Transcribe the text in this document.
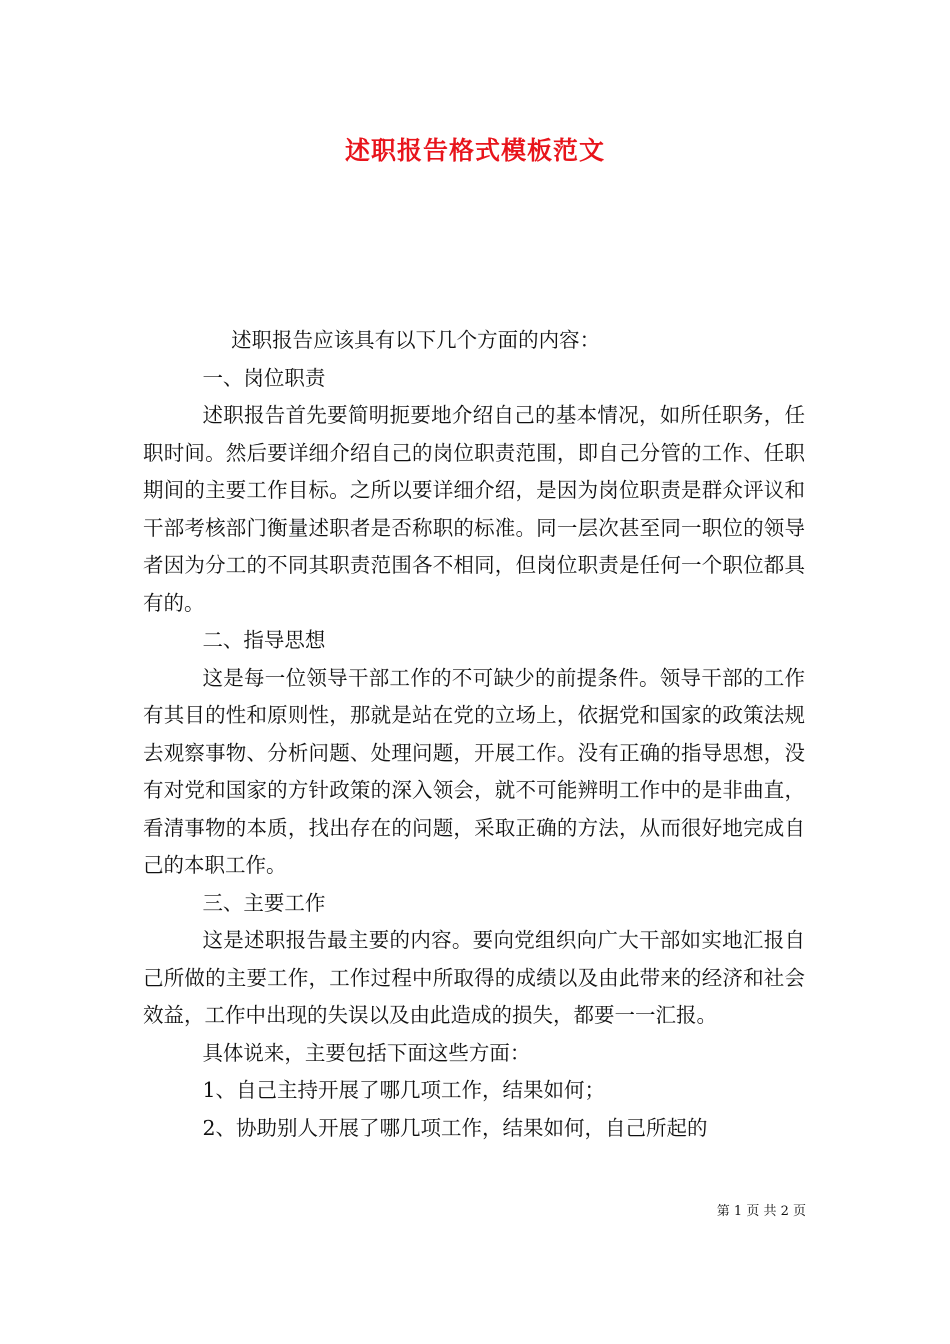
述职报告格式模板范文

述职报告应该具有以下几个方面的内容：

一、岗位职责

述职报告首先要简明扼要地介绍自己的基本情况，如所任职务，任职时间。然后要详细介绍自己的岗位职责范围，即自己分管的工作、任职期间的主要工作目标。之所以要详细介绍，是因为岗位职责是群众评议和干部考核部门衡量述职者是否称职的标准。同一层次甚至同一职位的领导者因为分工的不同其职责范围各不相同，但岗位职责是任何一个职位都具有的。

二、指导思想

这是每一位领导干部工作的不可缺少的前提条件。领导干部的工作有其目的性和原则性，那就是站在党的立场上，依据党和国家的政策法规去观察事物、分析问题、处理问题，开展工作。没有正确的指导思想，没有对党和国家的方针政策的深入领会，就不可能辨明工作中的是非曲直，看清事物的本质，找出存在的问题，采取正确的方法，从而很好地完成自己的本职工作。

三、主要工作

这是述职报告最主要的内容。要向党组织向广大干部如实地汇报自己所做的主要工作，工作过程中所取得的成绩以及由此带来的经济和社会效益，工作中出现的失误以及由此造成的损失，都要一一汇报。

具体说来，主要包括下面这些方面：

1、自己主持开展了哪几项工作，结果如何；

2、协助别人开展了哪几项工作，结果如何，自己所起的

第 1 页 共 2 页
